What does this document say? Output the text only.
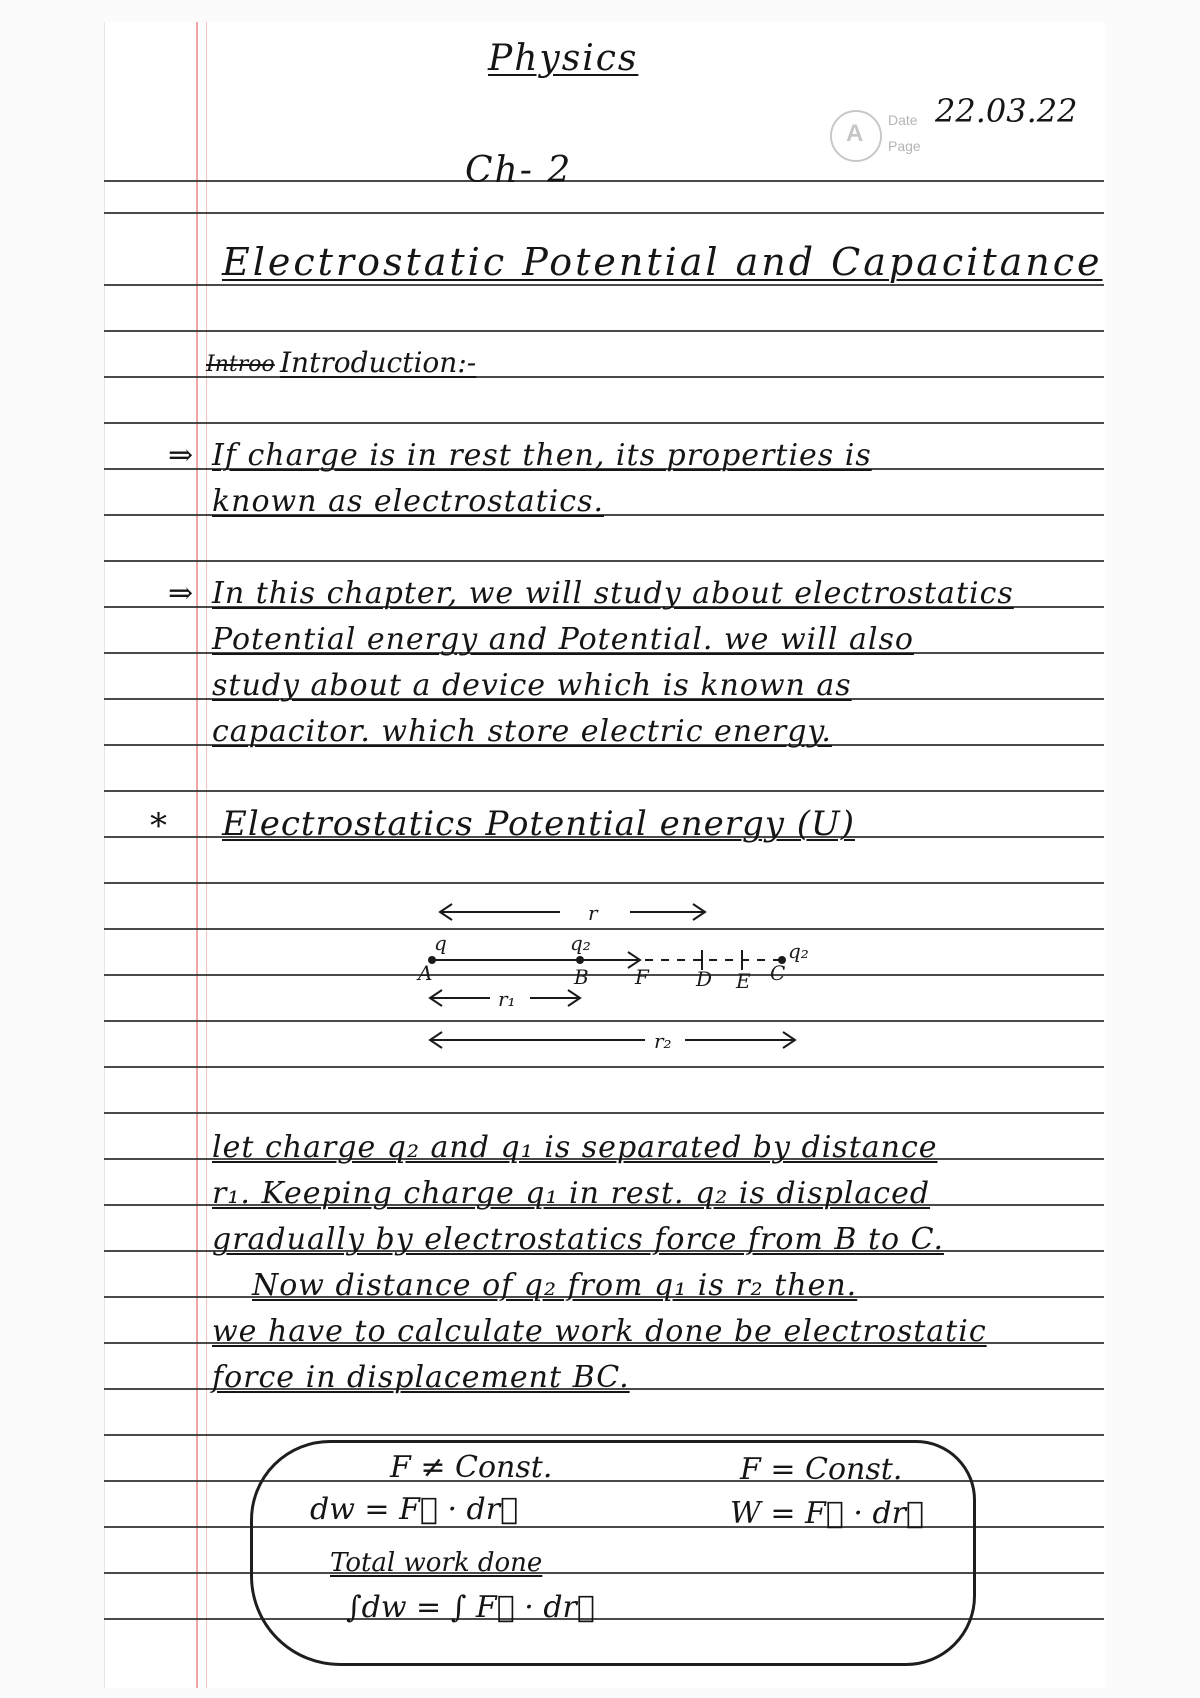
Physics
A Date
Page
22.03.22
Ch- 2
Electrostatic Potential and Capacitance
Introo Introduction:-
⇒ If charge is in rest then, its properties is
known as electrostatics.
⇒ In this chapter, we will study about electrostatics
Potential energy and Potential. we will also
study about a device which is known as
capacitor. which store electric energy.
* Electrostatics Potential energy (U)
r
q	q₂
A	B F D E C
q₂
r₁
r₂
let charge q₂ and q₁ is separated by distance
r₁. Keeping charge q₁ in rest. q₂ is displaced
gradually by electrostatics force from B to C.
Now distance of q₂ from q₁ is r₂ then.
we have to calculate work done be electrostatic
force in displacement BC.
F ≠ Const.
dw = F⃗ · dr⃗
F = Const.
W = F⃗ · dr⃗
Total work done
∫dw = ∫ F⃗ · dr⃗
